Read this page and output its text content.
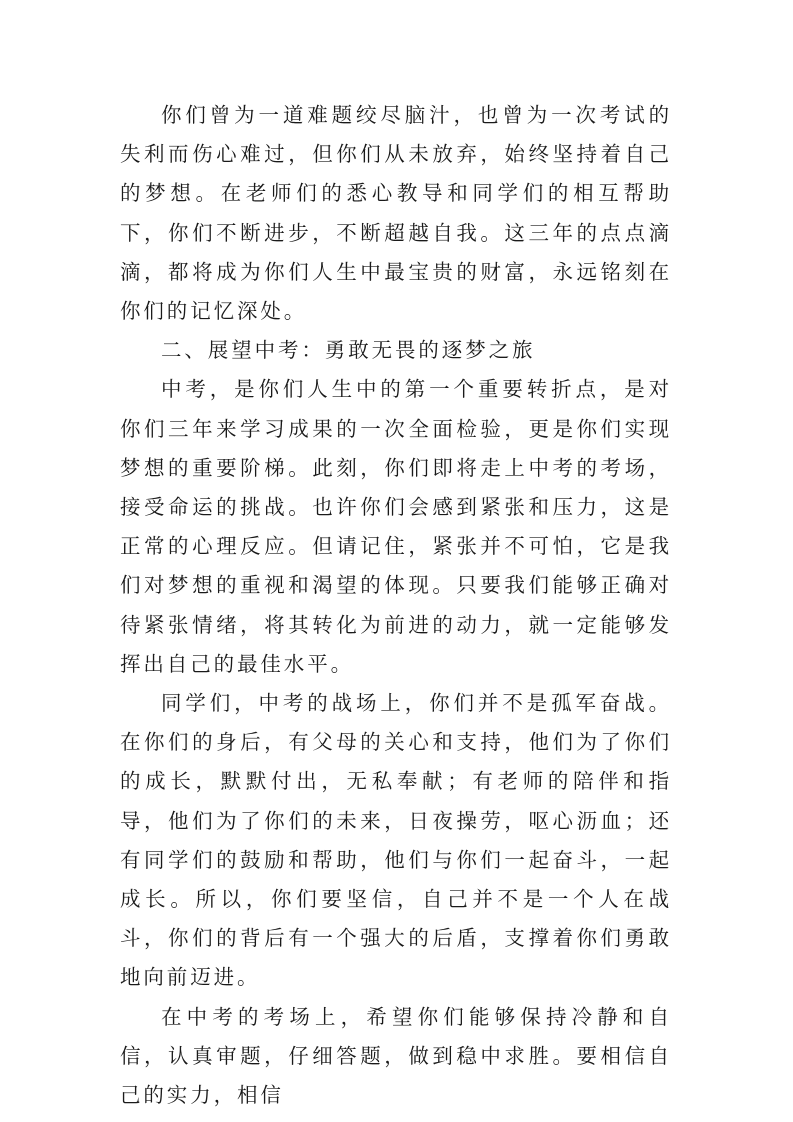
你们曾为一道难题绞尽脑汁，也曾为一次考试的失利而伤心难过，但你们从未放弃，始终坚持着自己的梦想。在老师们的悉心教导和同学们的相互帮助下，你们不断进步，不断超越自我。这三年的点点滴滴，都将成为你们人生中最宝贵的财富，永远铭刻在你们的记忆深处。

二、展望中考：勇敢无畏的逐梦之旅

中考，是你们人生中的第一个重要转折点，是对你们三年来学习成果的一次全面检验，更是你们实现梦想的重要阶梯。此刻，你们即将走上中考的考场，接受命运的挑战。也许你们会感到紧张和压力，这是正常的心理反应。但请记住，紧张并不可怕，它是我们对梦想的重视和渴望的体现。只要我们能够正确对待紧张情绪，将其转化为前进的动力，就一定能够发挥出自己的最佳水平。

同学们，中考的战场上，你们并不是孤军奋战。在你们的身后，有父母的关心和支持，他们为了你们的成长，默默付出，无私奉献；有老师的陪伴和指导，他们为了你们的未来，日夜操劳，呕心沥血；还有同学们的鼓励和帮助，他们与你们一起奋斗，一起成长。所以，你们要坚信，自己并不是一个人在战斗，你们的背后有一个强大的后盾，支撑着你们勇敢地向前迈进。

在中考的考场上，希望你们能够保持冷静和自信，认真审题，仔细答题，做到稳中求胜。要相信自己的实力，相信
